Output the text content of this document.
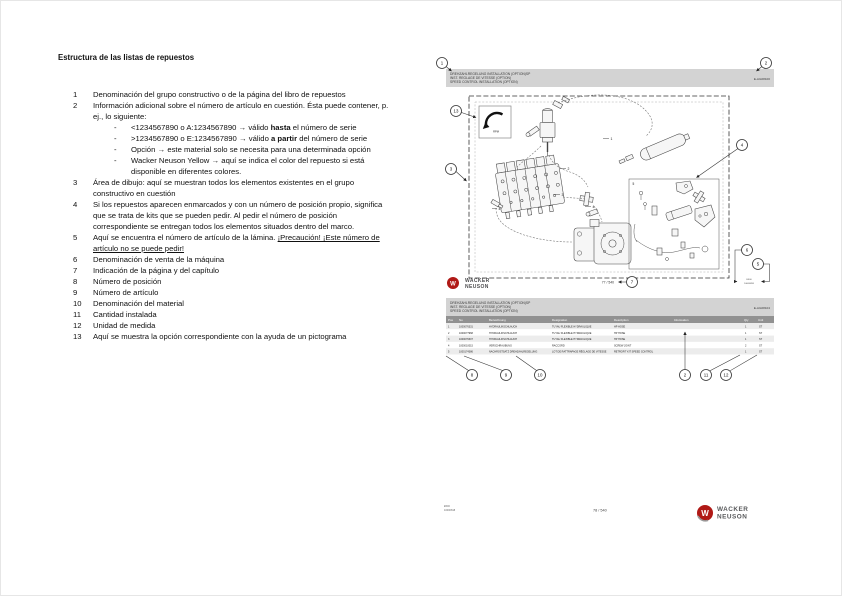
Estructura de las listas de repuestos
1	Denominación del grupo constructivo o de la página del libro de repuestos
2	Información adicional sobre el número de artículo en cuestión. Ésta puede contener, p. ej., lo siguiente:
-	<1234567890 o A:1234567890 → válido hasta el número de serie
-	>1234567890 o E:1234567890 → válido a partir del número de serie
-	Opción → este material solo se necesita para una determinada opción
-	Wacker Neuson Yellow → aquí se indica el color del repuesto si está disponible en diferentes colores.
3	Área de dibujo: aquí se muestran todos los elementos existentes en el grupo constructivo en cuestión
4	Si los repuestos aparecen enmarcados y con un número de posición propio, significa que se trata de kits que se pueden pedir. Al pedir el número de posición correspondiente se entregan todos los elementos situados dentro del marco.
5	Aquí se encuentra el número de artículo de la lámina. ¡Precaución! ¡Este número de artículo no se puede pedir!
6	Denominación de venta de la máquina
7	Indicación de la página y del capítulo
8	Número de posición
9	Número de artículo
10	Denominación del material
11	Cantidad instalada
12	Unidad de medida
13	Aquí se muestra la opción correspondiente con la ayuda de un pictograma
DREHZAHLREGELUNG INSTALLATION (OPTION)SP
INST. REGLAGE DE VITESSE (OPTION)
SPEED CONTROL INSTALLATION (OPTION)
E-AG08100
RPM
1
2
3
4
4
5
W
WACKER
NEUSON
77 / 540
E500
10000818
1	2
13
3
4
7
6
5
DREHZAHLREGELUNG INSTALLATION (OPTION)SP
INST. REGLAGE DE VITESSE (OPTION)
SPEED CONTROL INSTALLATION (OPTION)
E-AG08104
Pos No	Bezeichnung	Designation	Description	Information	Qty	Unit
1	1000076331	HYDRAULIKSCHLAUCH	TUYAU FLEXIBLE HYDRAULIQUE	HP HOSE	1	ST
2	1000077968	HYDRAULIKSCHLAUCH	TUYAU FLEXIBLE HYDRAULIQUE	HP HOSE	1	ST
3	1000076307	HYDRAULIKSCHLAUCH	TUYAU FLEXIBLE HYDRAULIQUE	HP HOSE	1	ST
4	1000010015	VERSCHRAUBUNG	RACCORD	SCREW JOINT	2	ST
5	1000174386	NACHRÜSTSATZ DREHZAHLREGELUNG	LOT DE RATTRAPAGE RÉGLAGE DE VITESSE	RETROFIT KIT SPEED CONTROL	1	ST
8	9	10	2	11	12
E500
10000818	78 / 540	W WACKER
NEUSON
